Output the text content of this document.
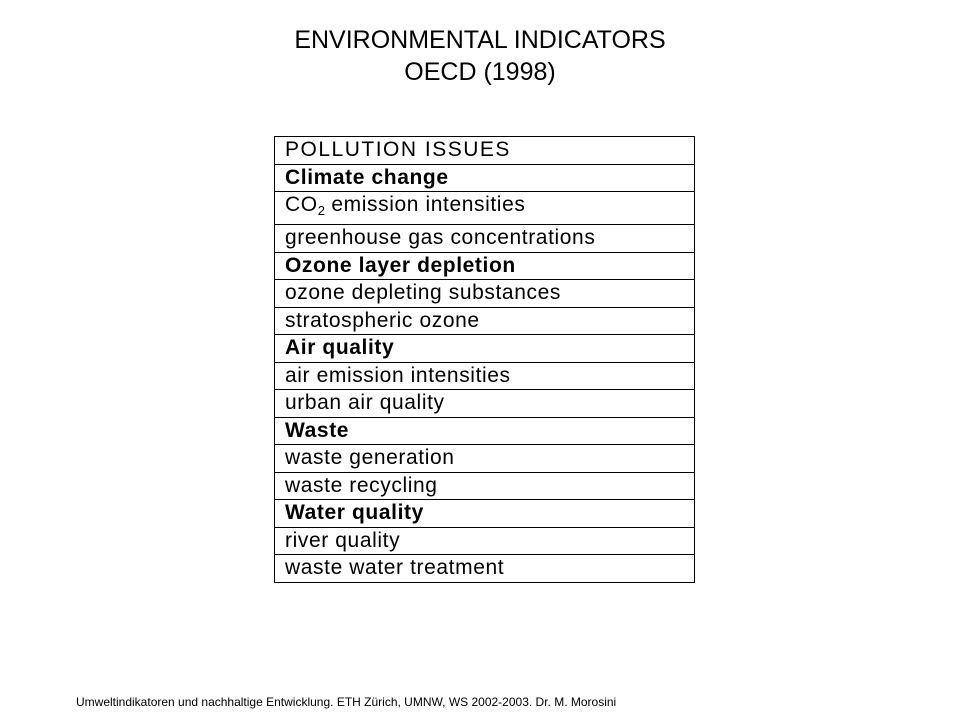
ENVIRONMENTAL INDICATORS
OECD (1998)
POLLUTION ISSUES
Climate change
$CO_2$ emission intensities
greenhouse gas concentrations
Ozone layer depletion
ozone depleting substances
stratospheric ozone
Air quality
air emission intensities
urban air quality
Waste
waste generation
waste recycling
Water quality
river quality
waste water treatment
Umweltindikatoren und nachhaltige Entwicklung. ETH Zürich, UMNW, WS 2002-2003. Dr. M. Morosini
